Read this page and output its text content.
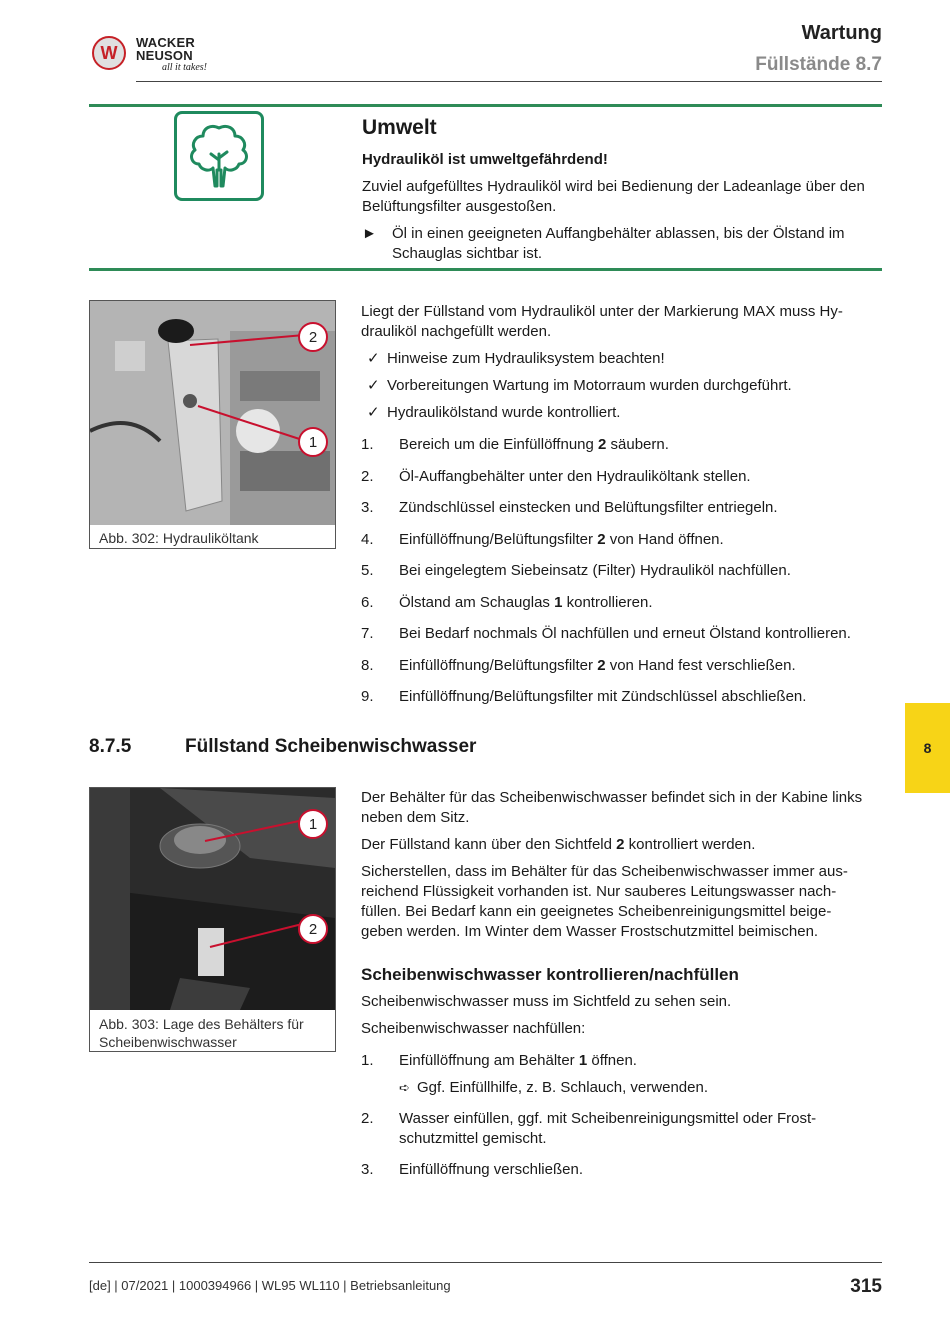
W WACKER
NEUSON
all it takes!
Wartung
Füllstände 8.7
Umwelt
Hydrauliköl ist umweltgefährdend!
Zuviel aufgefülltes Hydrauliköl wird bei Bedienung der Ladeanlage über den Belüftungsfilter ausgestoßen.
►	Öl in einen geeigneten Auffangbehälter ablassen, bis der Ölstand im Schauglas sichtbar ist.
2
1
Abb. 302: Hydrauliköltank
Liegt der Füllstand vom Hydrauliköl unter der Markierung MAX muss Hy-
drauliköl nachgefüllt werden.
✓ Hinweise zum Hydrauliksystem beachten!
✓ Vorbereitungen Wartung im Motorraum wurden durchgeführt.
✓ Hydraulikölstand wurde kontrolliert.
1.	Bereich um die Einfüllöffnung 2 säubern.
2.	Öl-Auffangbehälter unter den Hydrauliköltank stellen.
3.	Zündschlüssel einstecken und Belüftungsfilter entriegeln.
4.	Einfüllöffnung/Belüftungsfilter 2 von Hand öffnen.
5.	Bei eingelegtem Siebeinsatz (Filter) Hydrauliköl nachfüllen.
6.	Ölstand am Schauglas 1 kontrollieren.
7.	Bei Bedarf nochmals Öl nachfüllen und erneut Ölstand kontrollieren.
8.	Einfüllöffnung/Belüftungsfilter 2 von Hand fest verschließen.
9.	Einfüllöffnung/Belüftungsfilter mit Zündschlüssel abschließen.
8
8.7.5	Füllstand Scheibenwischwasser
1
2
Abb. 303: Lage des Behälters für
Scheibenwischwasser
Der Behälter für das Scheibenwischwasser befindet sich in der Kabine links neben dem Sitz.
Der Füllstand kann über den Sichtfeld 2 kontrolliert werden.
Sicherstellen, dass im Behälter für das Scheibenwischwasser immer aus-
reichend Flüssigkeit vorhanden ist. Nur sauberes Leitungswasser nach-
füllen. Bei Bedarf kann ein geeignetes Scheibenreinigungsmittel beige-
geben werden. Im Winter dem Wasser Frostschutzmittel beimischen.
Scheibenwischwasser kontrollieren/nachfüllen
Scheibenwischwasser muss im Sichtfeld zu sehen sein.
Scheibenwischwasser nachfüllen:
1.	Einfüllöffnung am Behälter 1 öffnen.
➪ Ggf. Einfüllhilfe, z. B. Schlauch, verwenden.
2.	Wasser einfüllen, ggf. mit Scheibenreinigungsmittel oder Frost-
schutzmittel gemischt.
3.	Einfüllöffnung verschließen.
[de] | 07/2021 | 1000394966 | WL95 WL110 | Betriebsanleitung	315
